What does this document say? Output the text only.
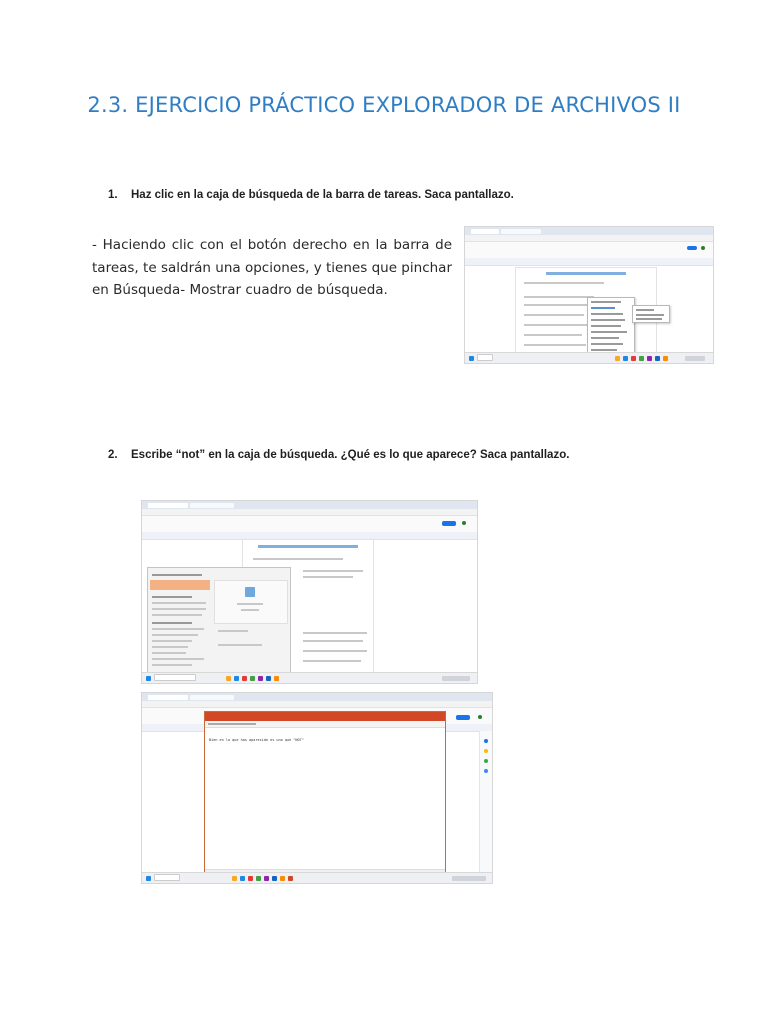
2.3. EJERCICIO PRÁCTICO EXPLORADOR DE ARCHIVOS II
1. Haz clic en la caja de búsqueda de la barra de tareas. Saca pantallazo.
- Haciendo clic con el botón derecho en la barra de tareas, te saldrán una opciones, y tienes que pinchar en Búsqueda- Mostrar cuadro de búsqueda.
2. Escribe “not” en la caja de búsqueda. ¿Qué es lo que aparece? Saca pantallazo.
Bien en lo que has aparecido es uno que "NOT"
